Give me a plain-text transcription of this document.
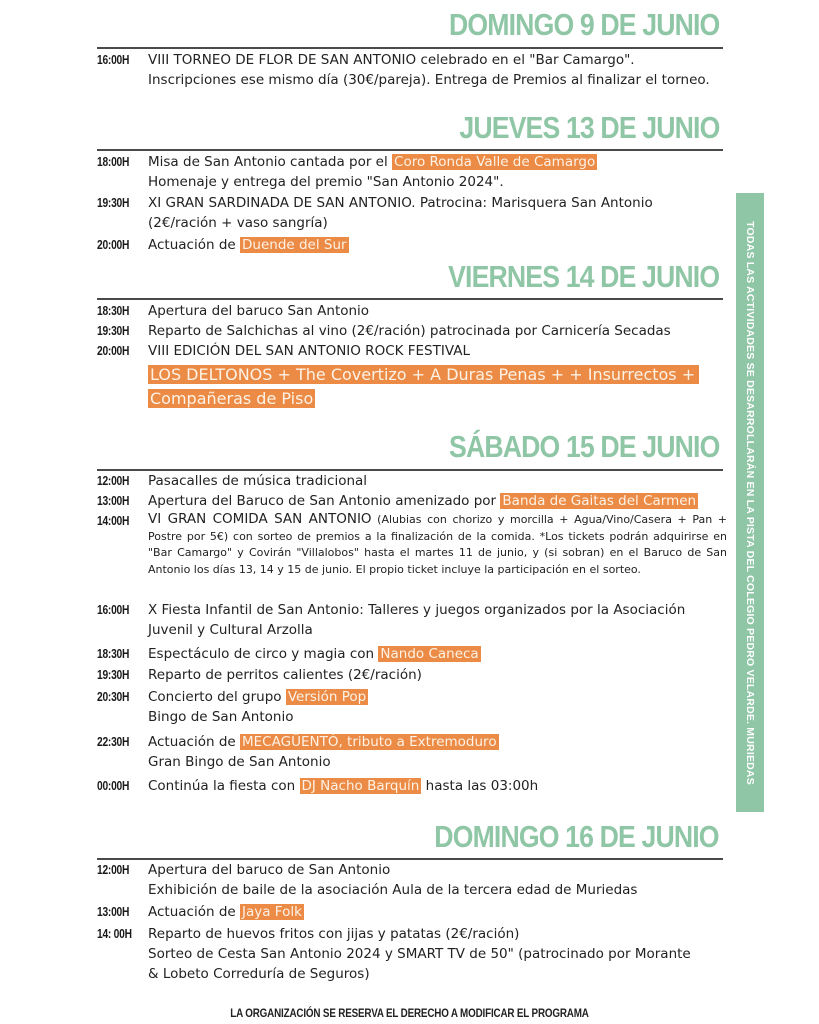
DOMINGO 9 DE JUNIO
16:00H	VIII TORNEO DE FLOR DE SAN ANTONIO celebrado en el "Bar Camargo".
Inscripciones ese mismo día (30€/pareja). Entrega de Premios al finalizar el torneo.
JUEVES 13 DE JUNIO
18:00H	Misa de San Antonio cantada por el Coro Ronda Valle de Camargo
Homenaje y entrega del premio "San Antonio 2024".
19:30H	XI GRAN SARDINADA DE SAN ANTONIO. Patrocina: Marisquera San Antonio
(2€/ración + vaso sangría)
20:00H	Actuación de Duende del Sur
VIERNES 14 DE JUNIO
18:30H	Apertura del baruco San Antonio
19:30H	Reparto de Salchichas al vino (2€/ración) patrocinada por Carnicería Secadas
20:00H	VIII EDICIÓN DEL SAN ANTONIO ROCK FESTIVAL
LOS DELTONOS + The Covertizo + A Duras Penas + + Insurrectos +
Compañeras de Piso
SÁBADO 15 DE JUNIO
12:00H	Pasacalles de música tradicional
13:00H	Apertura del Baruco de San Antonio amenizado por Banda de Gaitas del Carmen
14:00H	VI GRAN COMIDA SAN ANTONIO (Alubias con chorizo y morcilla + Agua/Vino/Casera + Pan + Postre por 5€) con sorteo de premios a la finalización de la comida. *Los tickets podrán adquirirse en "Bar Camargo" y Covirán "Villalobos" hasta el martes 11 de junio, y (si sobran) en el Baruco de San Antonio los días 13, 14 y 15 de junio. El propio ticket incluye la participación en el sorteo.
16:00H	X Fiesta Infantil de San Antonio: Talleres y juegos organizados por la Asociación
Juvenil y Cultural Arzolla
18:30H	Espectáculo de circo y magia con Nando Caneca
19:30H	Reparto de perritos calientes (2€/ración)
20:30H	Concierto del grupo Versión Pop
Bingo de San Antonio
22:30H	Actuación de MECAGÜENTÓ, tributo a Extremoduro
Gran Bingo de San Antonio
00:00H	Continúa la fiesta con DJ Nacho Barquín hasta las 03:00h
DOMINGO 16 DE JUNIO
12:00H	Apertura del baruco de San Antonio
Exhibición de baile de la asociación Aula de la tercera edad de Muriedas
13:00H	Actuación de Jaya Folk
14: 00H	Reparto de huevos fritos con jijas y patatas (2€/ración)
Sorteo de Cesta San Antonio 2024 y SMART TV de 50" (patrocinado por Morante
& Lobeto Correduría de Seguros)
TODAS LAS ACTIVIDADES SE DESARROLLARÁN EN LA PISTA DEL COLEGIO PEDRO VELARDE. MURIEDAS
LA ORGANIZACIÓN SE RESERVA EL DERECHO A MODIFICAR EL PROGRAMA
